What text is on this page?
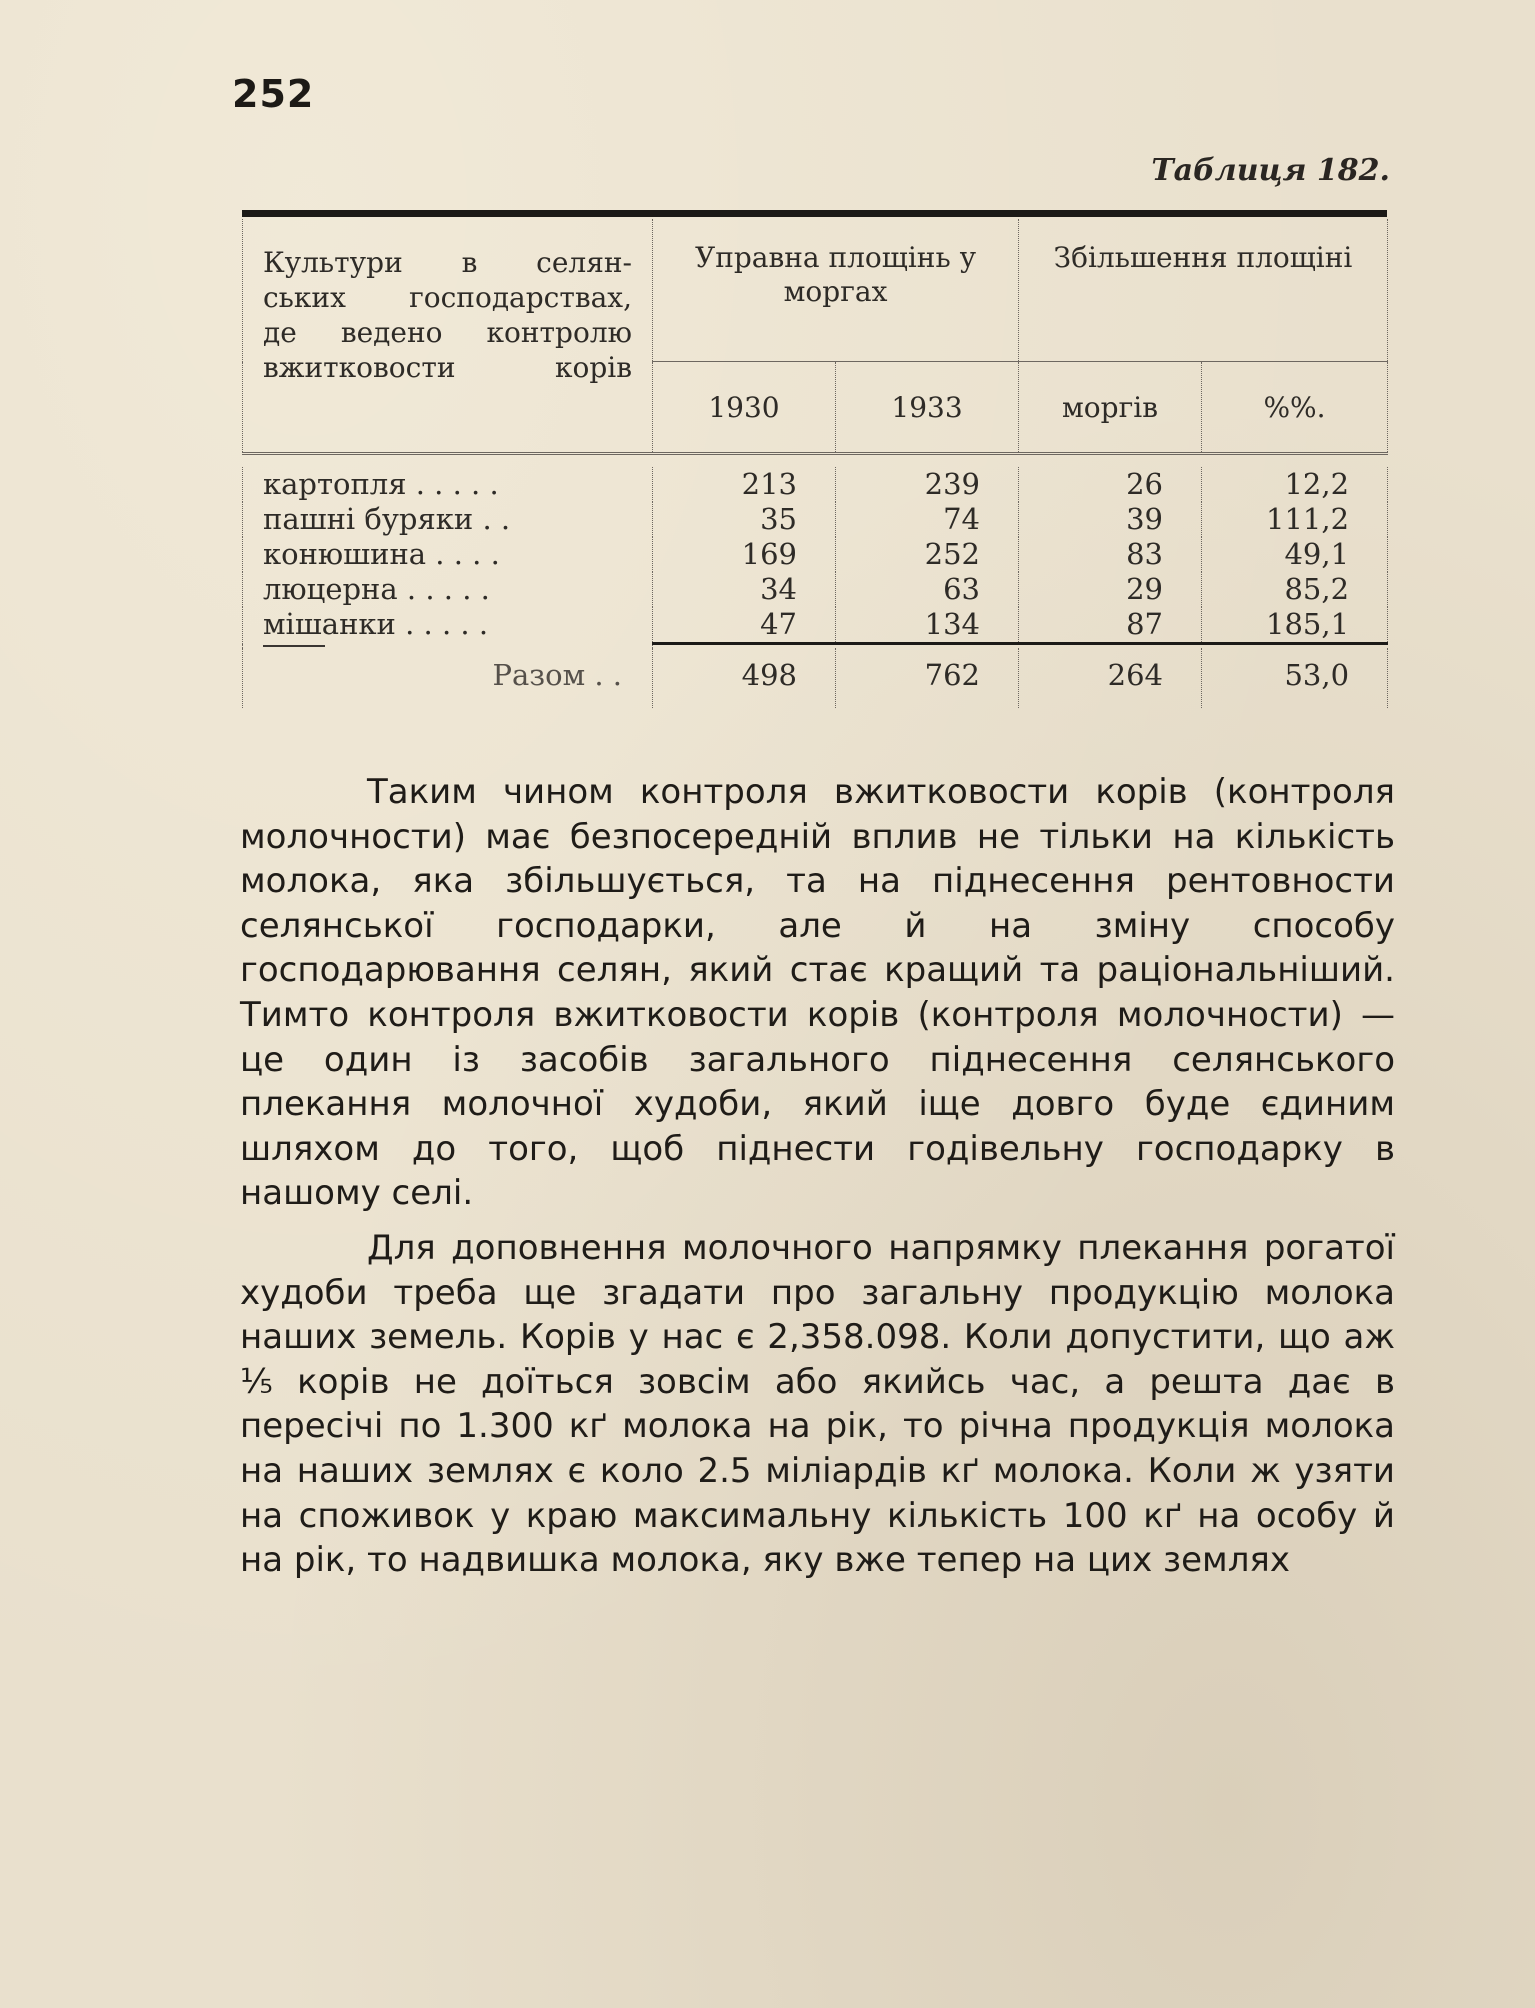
252
Таблиця 182.
Культури в селян-
ських господарствах,
де ведено контролю
вжитковости корів	Управна площінь у моргах		Збільшення площіні	
	1930	1933	моргів	%%.

картопля . . . . .	213	239	26	12,2
пашні буряки . .	35	74	39	111,2
конюшина . . . .	169	252	83	49,1
люцерна . . . . .	34	63	29	85,2
мішанки . . . . .	47	134	87	185,1

Разом . .	498	762	264	53,0

Таким чином контроля вжитковости корів (контроля молочности) має безпосередній вплив не тільки на кількість молока, яка збільшується, та на піднесення рентовности селянської господарки, але й на зміну способу господарювання селян, який стає кращий та раціональніший. Тимто контроля вжитковости корів (контроля молочности) — це один із засобів загального піднесення селянського плекання молочної худоби, який іще довго буде єдиним шляхом до того, щоб піднести годівельну господарку в нашому селі.

Для доповнення молочного напрямку плекання рогатої худоби треба ще згадати про загальну продукцію молока наших земель. Корів у нас є 2,358.098. Коли допустити, що аж ⅕ корів не доїться зовсім або якийсь час, а решта дає в пересічі по 1.300 кґ молока на рік, то річна продукція молока на наших землях є коло 2.5 міліардів кґ молока. Коли ж узяти на споживок у краю максимальну кількість 100 кґ на особу й на рік, то надвишка молока, яку вже тепер на цих землях
